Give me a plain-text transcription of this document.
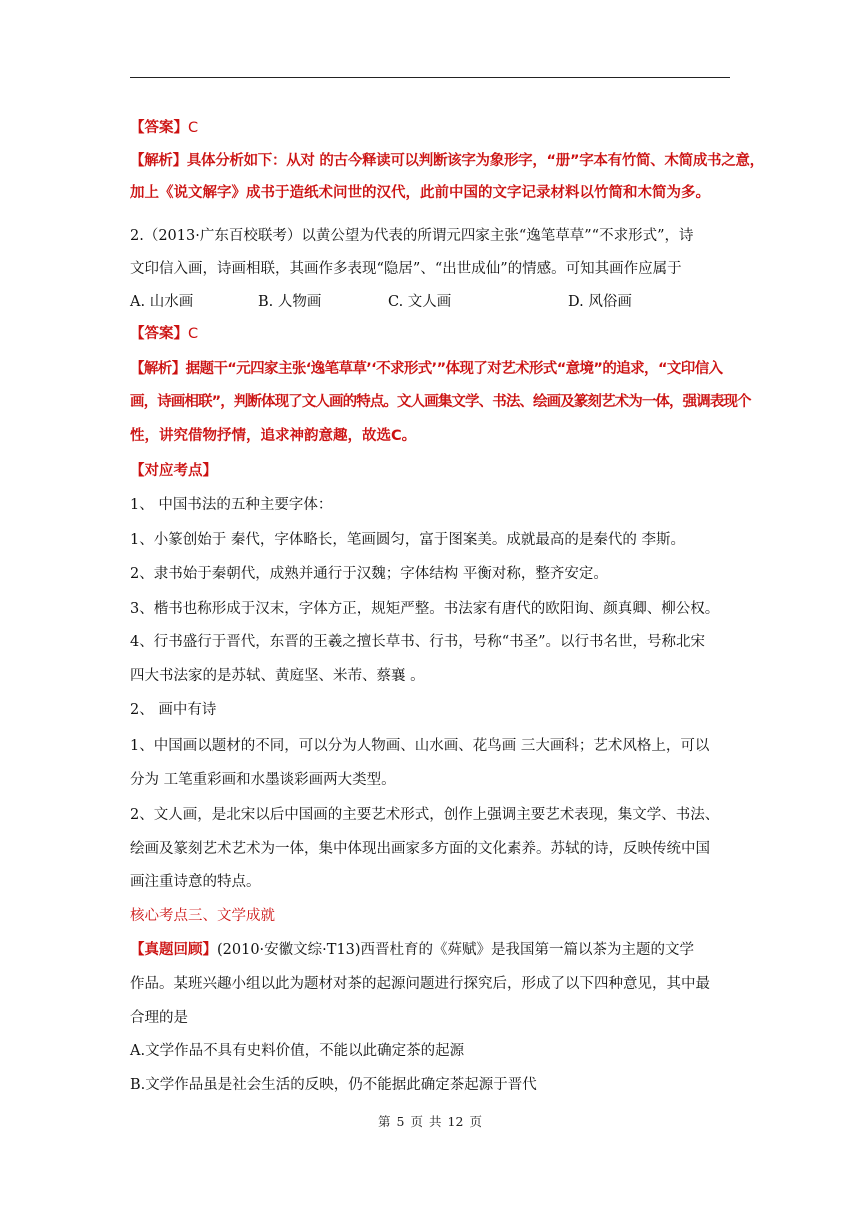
【答案】C
【解析】具体分析如下：从对 的古今释读可以判断该字为象形字，“册”字本有竹简、木简成书之意，
加上《说文解字》成书于造纸术问世的汉代，此前中国的文字记录材料以竹简和木简为多。
2.（2013·广东百校联考）以黄公望为代表的所谓元四家主张“逸笔草草”“不求形式”，诗
文印信入画，诗画相联，其画作多表现“隐居”、“出世成仙”的情感。可知其画作应属于
A. 山水画	B. 人物画	C. 文人画	D. 风俗画
【答案】C
【解析】据题干“元四家主张‘逸笔草草’‘不求形式’”体现了对艺术形式“意境”的追求，“文印信入
画，诗画相联”，判断体现了文人画的特点。文人画集文学、书法、绘画及篆刻艺术为一体，强调表现个
性，讲究借物抒情，追求神韵意趣，故选C。
【对应考点】
1、 中国书法的五种主要字体：
1、小篆创始于 秦代，字体略长，笔画圆匀，富于图案美。成就最高的是秦代的 李斯。
2、隶书始于秦朝代，成熟并通行于汉魏；字体结构 平衡对称，整齐安定。
3、楷书也称形成于汉末，字体方正，规矩严整。书法家有唐代的欧阳询、颜真卿、柳公权。
4、行书盛行于晋代，东晋的王羲之擅长草书、行书，号称“书圣”。以行书名世，号称北宋
四大书法家的是苏轼、黄庭坚、米芾、蔡襄 。
2、 画中有诗
1、中国画以题材的不同，可以分为人物画、山水画、花鸟画 三大画科；艺术风格上，可以
分为 工笔重彩画和水墨谈彩画两大类型。
2、文人画，是北宋以后中国画的主要艺术形式，创作上强调主要艺术表现，集文学、书法、
绘画及篆刻艺术艺术为一体，集中体现出画家多方面的文化素养。苏轼的诗，反映传统中国
画注重诗意的特点。
核心考点三、文学成就
【真题回顾】(2010·安徽文综·T13)西晋杜育的《荈赋》是我国第一篇以茶为主题的文学
作品。某班兴趣小组以此为题材对茶的起源问题进行探究后，形成了以下四种意见，其中最
合理的是
A.文学作品不具有史料价值，不能以此确定茶的起源
B.文学作品虽是社会生活的反映，仍不能据此确定茶起源于晋代
第 5 页 共 12 页
